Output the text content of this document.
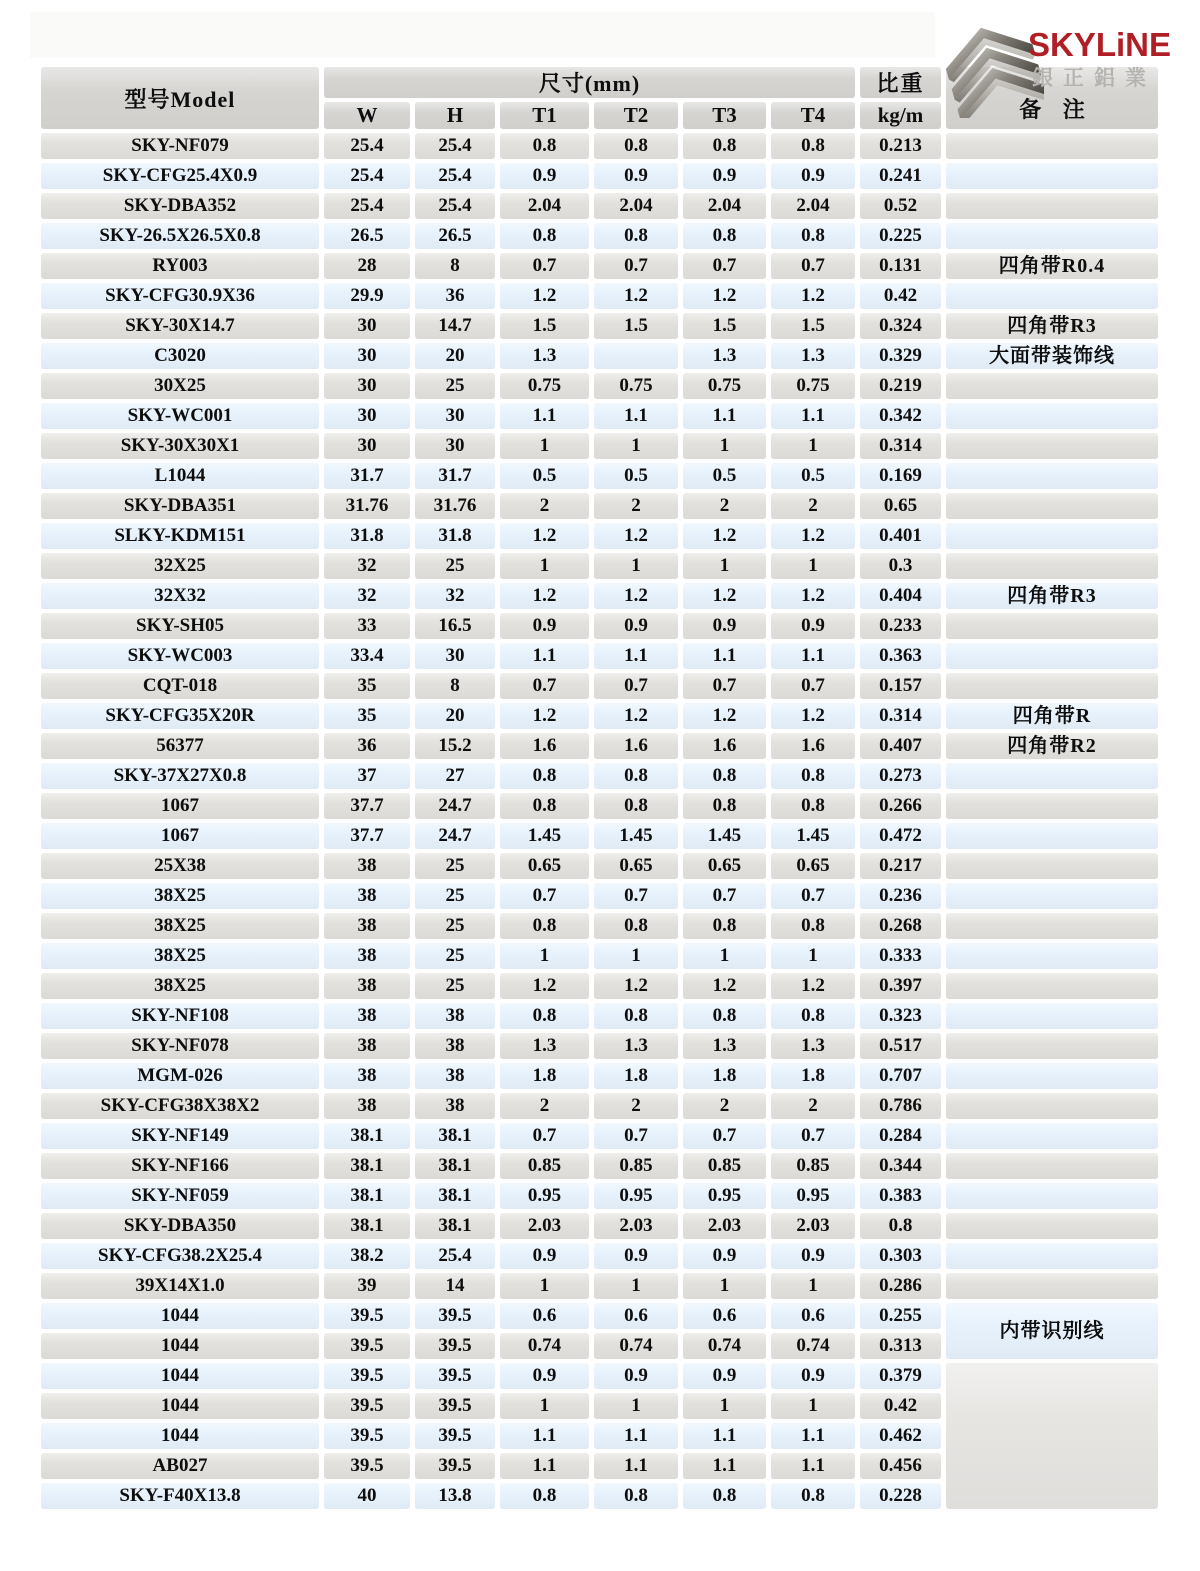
SKYLiNE
銀正鋁業
型号Model	尺寸(mm)						比重	备 注
	W	H	T1	T2	T3	T4	kg/m	
SKY-NF079	25.4	25.4	0.8	0.8	0.8	0.8	0.213	
SKY-CFG25.4X0.9	25.4	25.4	0.9	0.9	0.9	0.9	0.241	
SKY-DBA352	25.4	25.4	2.04	2.04	2.04	2.04	0.52	
SKY-26.5X26.5X0.8	26.5	26.5	0.8	0.8	0.8	0.8	0.225	
RY003	28	8	0.7	0.7	0.7	0.7	0.131	四角带R0.4
SKY-CFG30.9X36	29.9	36	1.2	1.2	1.2	1.2	0.42	
SKY-30X14.7	30	14.7	1.5	1.5	1.5	1.5	0.324	四角带R3
C3020	30	20	1.3		1.3	1.3	0.329	大面带装饰线
30X25	30	25	0.75	0.75	0.75	0.75	0.219	
SKY-WC001	30	30	1.1	1.1	1.1	1.1	0.342	
SKY-30X30X1	30	30	1	1	1	1	0.314	
L1044	31.7	31.7	0.5	0.5	0.5	0.5	0.169	
SKY-DBA351	31.76	31.76	2	2	2	2	0.65	
SLKY-KDM151	31.8	31.8	1.2	1.2	1.2	1.2	0.401	
32X25	32	25	1	1	1	1	0.3	
32X32	32	32	1.2	1.2	1.2	1.2	0.404	四角带R3
SKY-SH05	33	16.5	0.9	0.9	0.9	0.9	0.233	
SKY-WC003	33.4	30	1.1	1.1	1.1	1.1	0.363	
CQT-018	35	8	0.7	0.7	0.7	0.7	0.157	
SKY-CFG35X20R	35	20	1.2	1.2	1.2	1.2	0.314	四角带R
56377	36	15.2	1.6	1.6	1.6	1.6	0.407	四角带R2
SKY-37X27X0.8	37	27	0.8	0.8	0.8	0.8	0.273	
1067	37.7	24.7	0.8	0.8	0.8	0.8	0.266	
1067	37.7	24.7	1.45	1.45	1.45	1.45	0.472	
25X38	38	25	0.65	0.65	0.65	0.65	0.217	
38X25	38	25	0.7	0.7	0.7	0.7	0.236	
38X25	38	25	0.8	0.8	0.8	0.8	0.268	
38X25	38	25	1	1	1	1	0.333	
38X25	38	25	1.2	1.2	1.2	1.2	0.397	
SKY-NF108	38	38	0.8	0.8	0.8	0.8	0.323	
SKY-NF078	38	38	1.3	1.3	1.3	1.3	0.517	
MGM-026	38	38	1.8	1.8	1.8	1.8	0.707	
SKY-CFG38X38X2	38	38	2	2	2	2	0.786	
SKY-NF149	38.1	38.1	0.7	0.7	0.7	0.7	0.284	
SKY-NF166	38.1	38.1	0.85	0.85	0.85	0.85	0.344	
SKY-NF059	38.1	38.1	0.95	0.95	0.95	0.95	0.383	
SKY-DBA350	38.1	38.1	2.03	2.03	2.03	2.03	0.8	
SKY-CFG38.2X25.4	38.2	25.4	0.9	0.9	0.9	0.9	0.303	
39X14X1.0	39	14	1	1	1	1	0.286	
1044	39.5	39.5	0.6	0.6	0.6	0.6	0.255	内带识别线
1044	39.5	39.5	0.74	0.74	0.74	0.74	0.313	
1044	39.5	39.5	0.9	0.9	0.9	0.9	0.379	
1044	39.5	39.5	1	1	1	1	0.42	
1044	39.5	39.5	1.1	1.1	1.1	1.1	0.462	
AB027	39.5	39.5	1.1	1.1	1.1	1.1	0.456	
SKY-F40X13.8	40	13.8	0.8	0.8	0.8	0.8	0.228	
